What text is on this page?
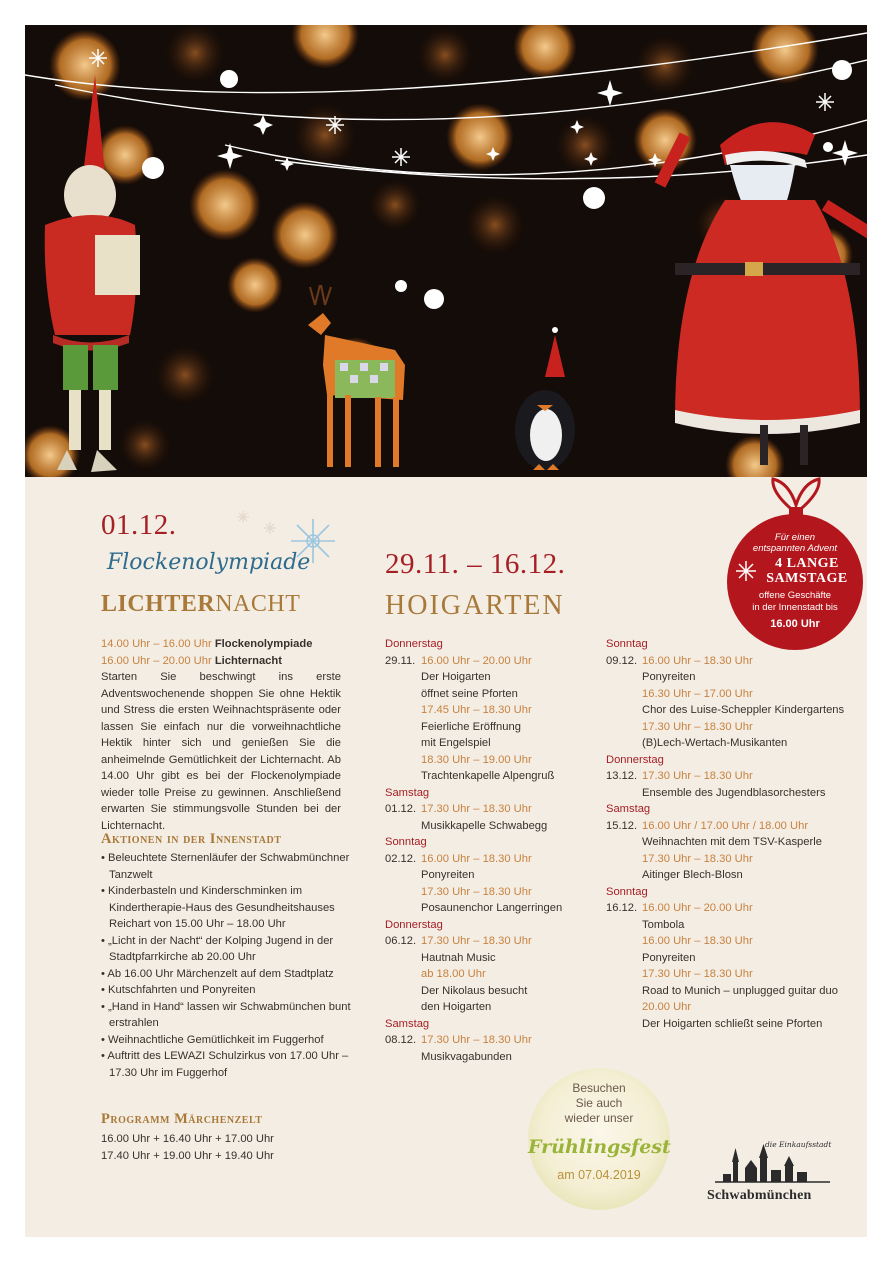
01.12.
Flockenolympiade
LICHTERNACHT

14.00 Uhr – 16.00 Uhr Flockenolympiade

16.00 Uhr – 20.00 Uhr Lichternacht

Starten Sie beschwingt ins erste Adventswochenende shoppen Sie ohne Hektik und Stress die ersten Weihnachtspräsente oder lassen Sie einfach nur die vorweihnachtliche Hektik hinter sich und genießen Sie die anheimelnde Gemütlichkeit der Lichternacht. Ab 14.00 Uhr gibt es bei der Flockenolympiade wieder tolle Preise zu gewinnen. Anschließend erwarten Sie stimmungsvolle Stunden bei der Lichternacht.
Aktionen in der Innenstadt
• Beleuchtete Sternenläufer der Schwabmünchner Tanzwelt
• Kinderbasteln und Kinderschminken im Kindertherapie-Haus des Gesundheitshauses Reichart von 15.00 Uhr – 18.00 Uhr
• „Licht in der Nacht“ der Kolping Jugend in der Stadtpfarrkirche ab 20.00 Uhr
• Ab 16.00 Uhr Märchenzelt auf dem Stadtplatz
• Kutschfahrten und Ponyreiten
• „Hand in Hand“ lassen wir Schwabmünchen bunt erstrahlen
• Weihnachtliche Gemütlichkeit im Fuggerhof
• Auftritt des LEWAZI Schulzirkus von 17.00 Uhr – 17.30 Uhr im Fuggerhof
Programm Märchenzelt

16.00 Uhr + 16.40 Uhr + 17.00 Uhr

17.40 Uhr + 19.00 Uhr + 19.40 Uhr

29.11. – 16.12.
HOIGARTEN
Donnerstag
29.11. 16.00 Uhr – 20.00 Uhr
Der Hoigarten
öffnet seine Pforten
17.45 Uhr – 18.30 Uhr
Feierliche Eröffnung
mit Engelspiel
18.30 Uhr – 19.00 Uhr
Trachtenkapelle Alpengruß
Samstag
01.12. 17.30 Uhr – 18.30 Uhr
Musikkapelle Schwabegg
Sonntag
02.12. 16.00 Uhr – 18.30 Uhr
Ponyreiten
17.30 Uhr – 18.30 Uhr
Posaunenchor Langerringen
Donnerstag
06.12. 17.30 Uhr – 18.30 Uhr
Hautnah Music
ab 18.00 Uhr
Der Nikolaus besucht
den Hoigarten
Samstag
08.12. 17.30 Uhr – 18.30 Uhr
Musikvagabunden
Sonntag
09.12. 16.00 Uhr – 18.30 Uhr
Ponyreiten
16.30 Uhr – 17.00 Uhr
Chor des Luise-Scheppler Kindergartens
17.30 Uhr – 18.30 Uhr
(B)Lech-Wertach-Musikanten
Donnerstag
13.12. 17.30 Uhr – 18.30 Uhr
Ensemble des Jugendblasorchesters
Samstag
15.12. 16.00 Uhr / 17.00 Uhr / 18.00 Uhr
Weihnachten mit dem TSV-Kasperle
17.30 Uhr – 18.30 Uhr
Aitinger Blech-Blosn
Sonntag
16.12. 16.00 Uhr – 20.00 Uhr
Tombola
16.00 Uhr – 18.30 Uhr
Ponyreiten
17.30 Uhr – 18.30 Uhr
Road to Munich – unplugged guitar duo
20.00 Uhr
Der Hoigarten schließt seine Pforten
Für einen
entspannten Advent
4 LANGE
SAMSTAGE
offene Geschäfte
in der Innenstadt bis
16.00 Uhr
Besuchen
Sie auch
wieder unser
Frühlingsfest
am 07.04.2019
die Einkaufsstadt
Schwabmünchen
